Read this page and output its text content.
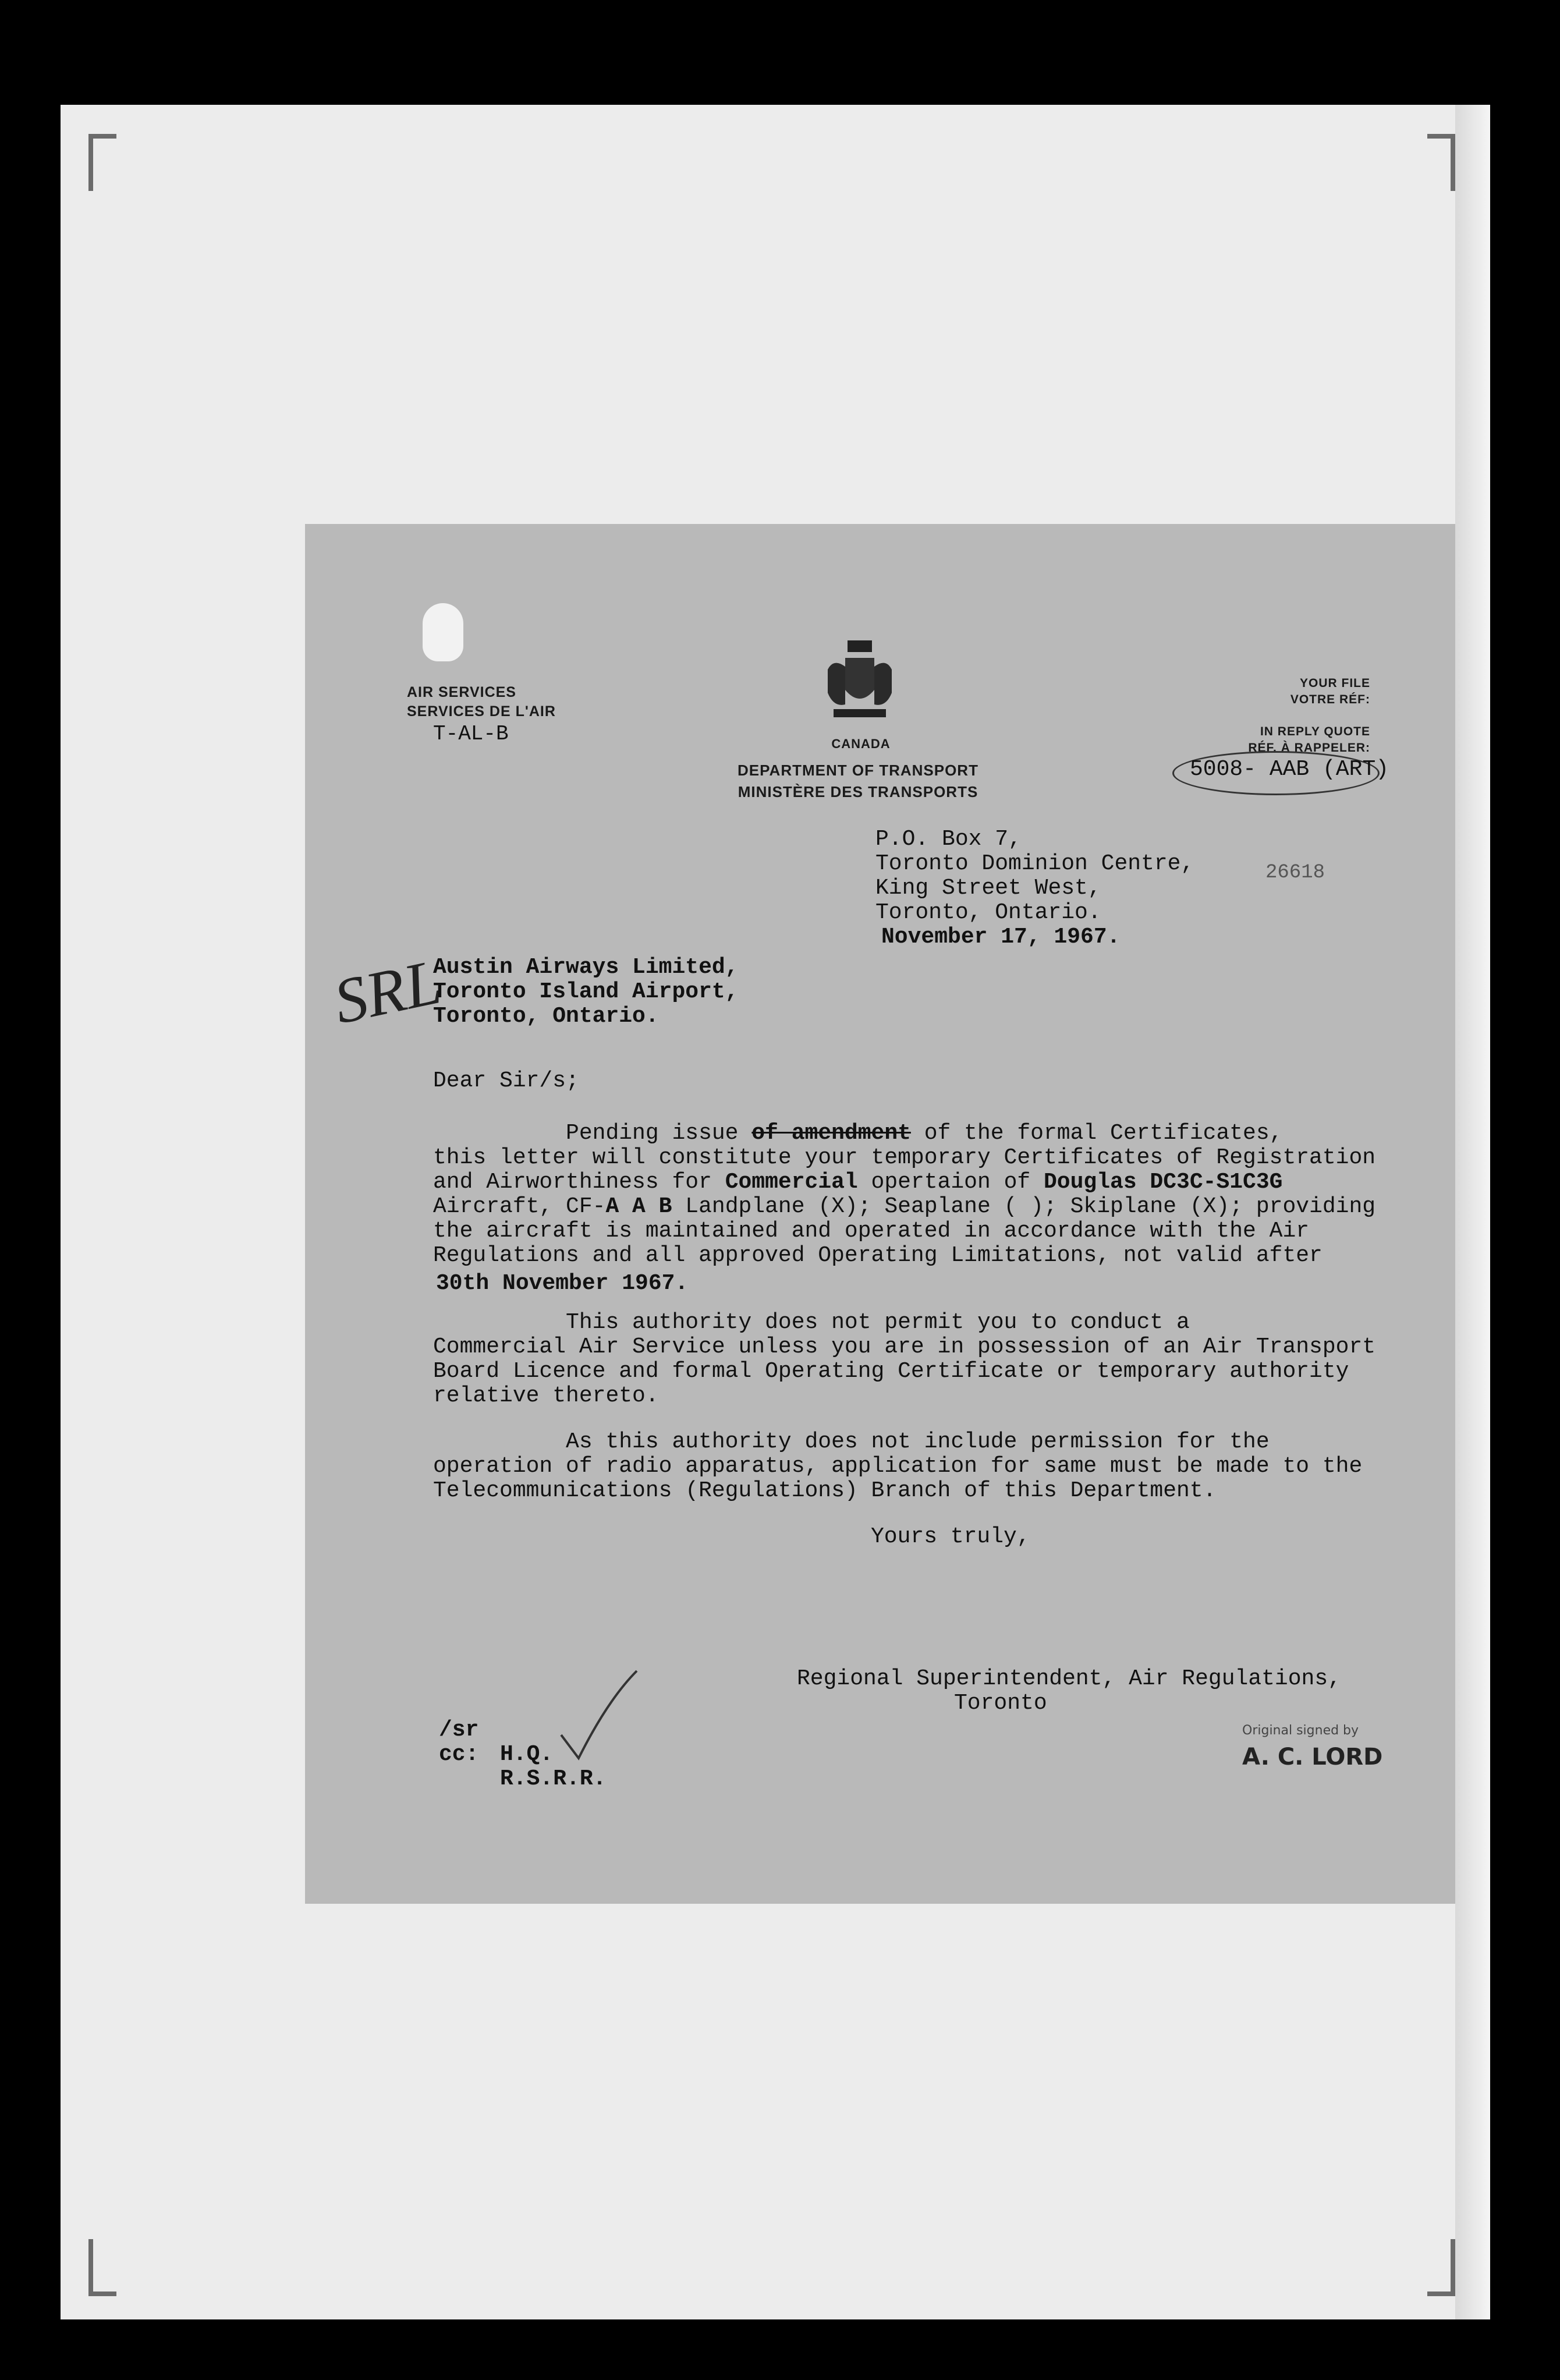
AIR SERVICES
SERVICES DE L'AIR
T-AL-B	CANADA
DEPARTMENT OF TRANSPORT
MINISTÈRE DES TRANSPORTS
YOUR FILE
VOTRE RÉF:
IN REPLY QUOTE
RÉF. À RAPPELER:
5008- AAB (ART)
P.O. Box 7,
Toronto Dominion Centre,
King Street West,
Toronto, Ontario.
November 17, 1967.
26618
SRL
Austin Airways Limited,
Toronto Island Airport,
Toronto, Ontario.
Dear Sir/s;
Pending issue of amendment of the formal Certificates,
this letter will constitute your temporary Certificates of Registration
and Airworthiness for Commercial opertaion of Douglas DC3C-S1C3G
Aircraft, CF-A A B Landplane (X); Seaplane ( ); Skiplane (X); providing
the aircraft is maintained and operated in accordance with the Air
Regulations and all approved Operating Limitations, not valid after
30th November 1967.
This authority does not permit you to conduct a
Commercial Air Service unless you are in possession of an Air Transport
Board Licence and formal Operating Certificate or temporary authority
relative thereto.
As this authority does not include permission for the
operation of radio apparatus, application for same must be made to the
Telecommunications (Regulations) Branch of this Department.
Yours truly,
Regional Superintendent, Air Regulations,
Toronto
Original signed by
A. C. LORD
/sr
cc: H.Q.
R.S.R.R.
